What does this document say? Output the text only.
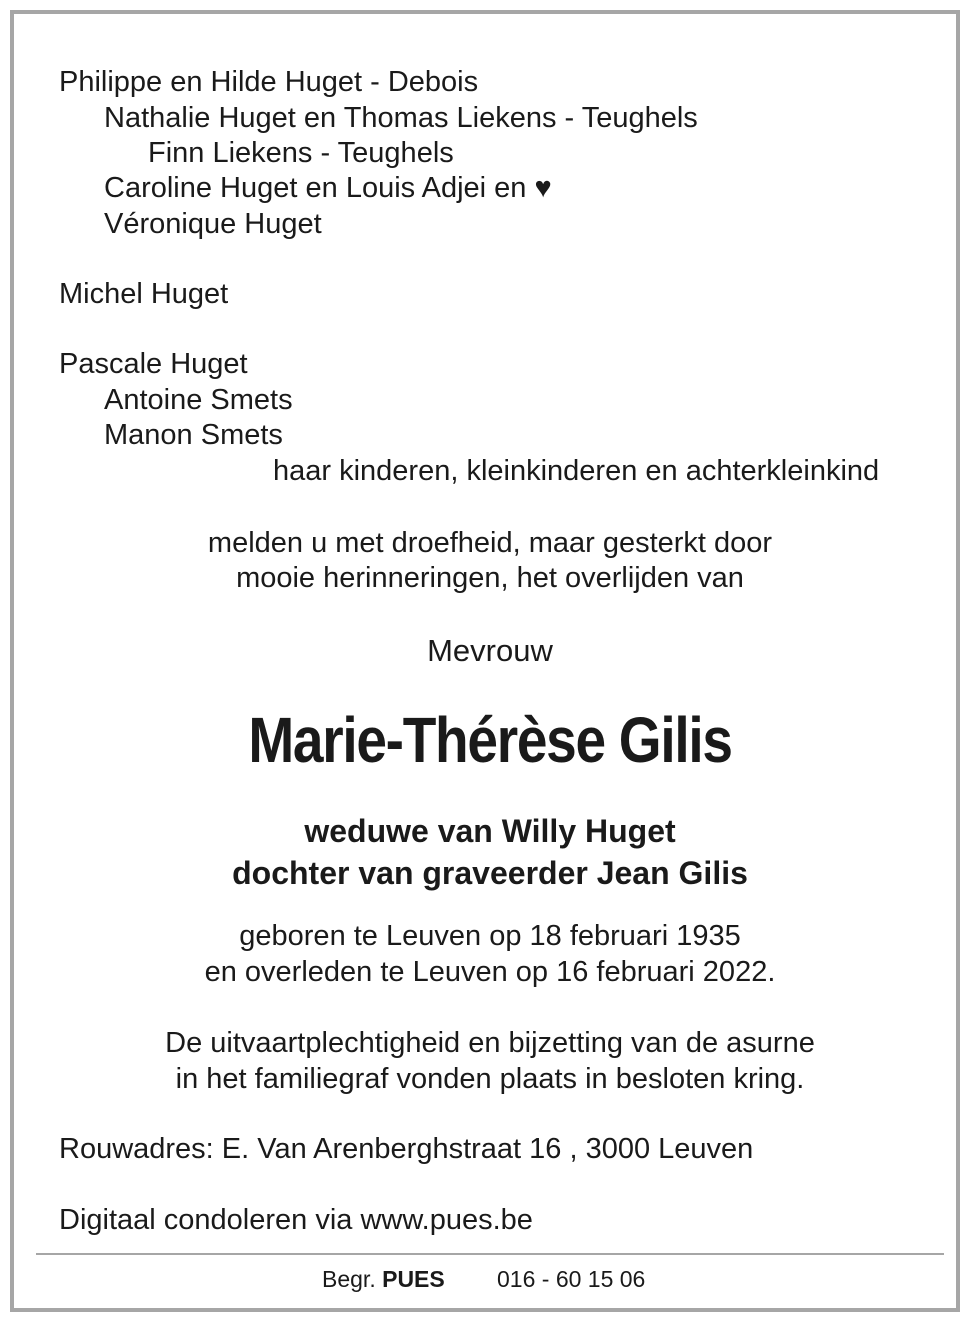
Philippe en Hilde Huget - Debois
Nathalie Huget en Thomas Liekens - Teughels
Finn Liekens - Teughels
Caroline Huget en Louis Adjei en ♥
Véronique Huget
Michel Huget
Pascale Huget
Antoine Smets
Manon Smets
haar kinderen, kleinkinderen en achterkleinkind
melden u met droefheid, maar gesterkt door
mooie herinneringen, het overlijden van
Mevrouw
Marie-Thérèse Gilis
weduwe van Willy Huget
dochter van graveerder Jean Gilis
geboren te Leuven op 18 februari 1935
en overleden te Leuven op 16 februari 2022.
De uitvaartplechtigheid en bijzetting van de asurne
in het familiegraf vonden plaats in besloten kring.
Rouwadres: E. Van Arenberghstraat 16 , 3000 Leuven
Digitaal condoleren via www.pues.be
Begr. PUES 016 - 60 15 06
